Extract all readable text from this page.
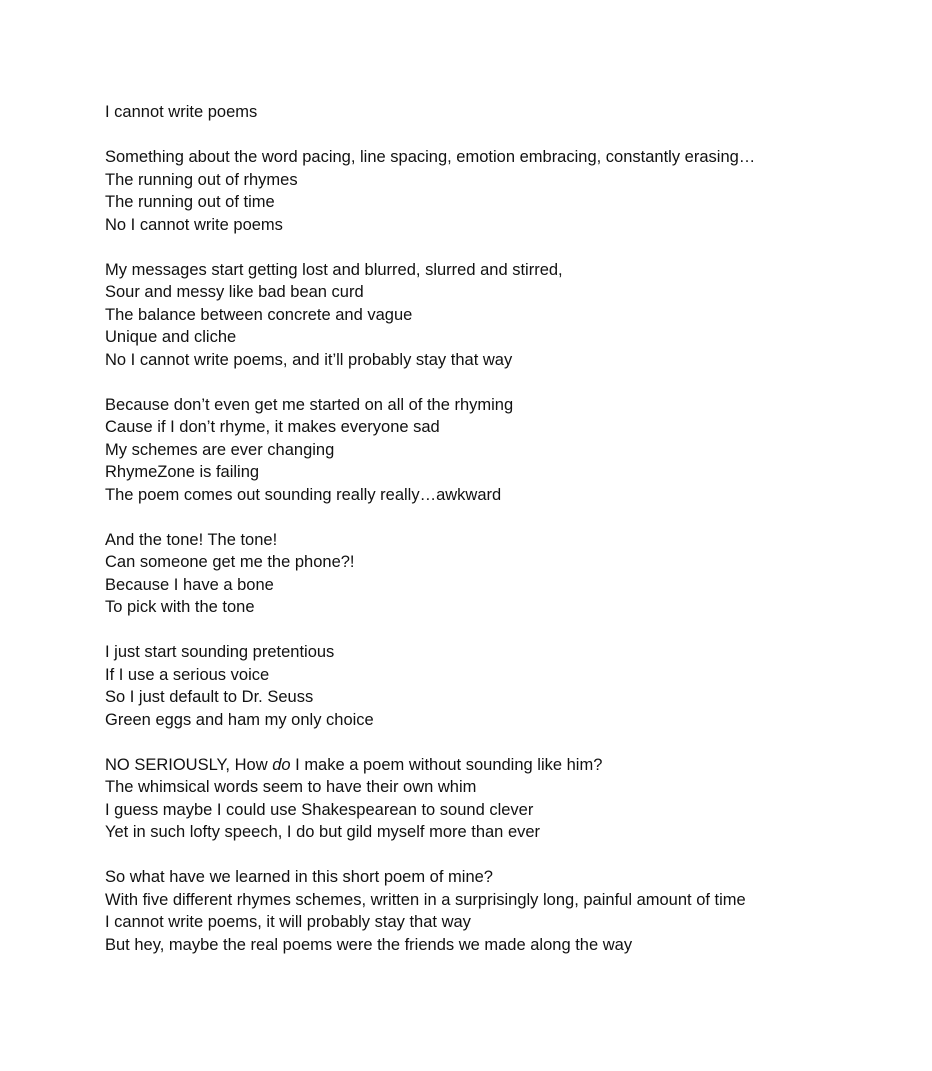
I cannot write poems
Something about the word pacing, line spacing, emotion embracing, constantly erasing…
The running out of rhymes
The running out of time
No I cannot write poems
My messages start getting lost and blurred, slurred and stirred,
Sour and messy like bad bean curd
The balance between concrete and vague
Unique and cliche
No I cannot write poems, and it’ll probably stay that way
Because don’t even get me started on all of the rhyming
Cause if I don’t rhyme, it makes everyone sad
My schemes are ever changing
RhymeZone is failing
The poem comes out sounding really really…awkward
And the tone! The tone!
Can someone get me the phone?!
Because I have a bone
To pick with the tone
I just start sounding pretentious
If I use a serious voice
So I just default to Dr. Seuss
Green eggs and ham my only choice
NO SERIOUSLY, How do I make a poem without sounding like him?
The whimsical words seem to have their own whim
I guess maybe I could use Shakespearean to sound clever
Yet in such lofty speech, I do but gild myself more than ever
So what have we learned in this short poem of mine?
With five different rhymes schemes, written in a surprisingly long, painful amount of time
I cannot write poems, it will probably stay that way
But hey, maybe the real poems were the friends we made along the way
